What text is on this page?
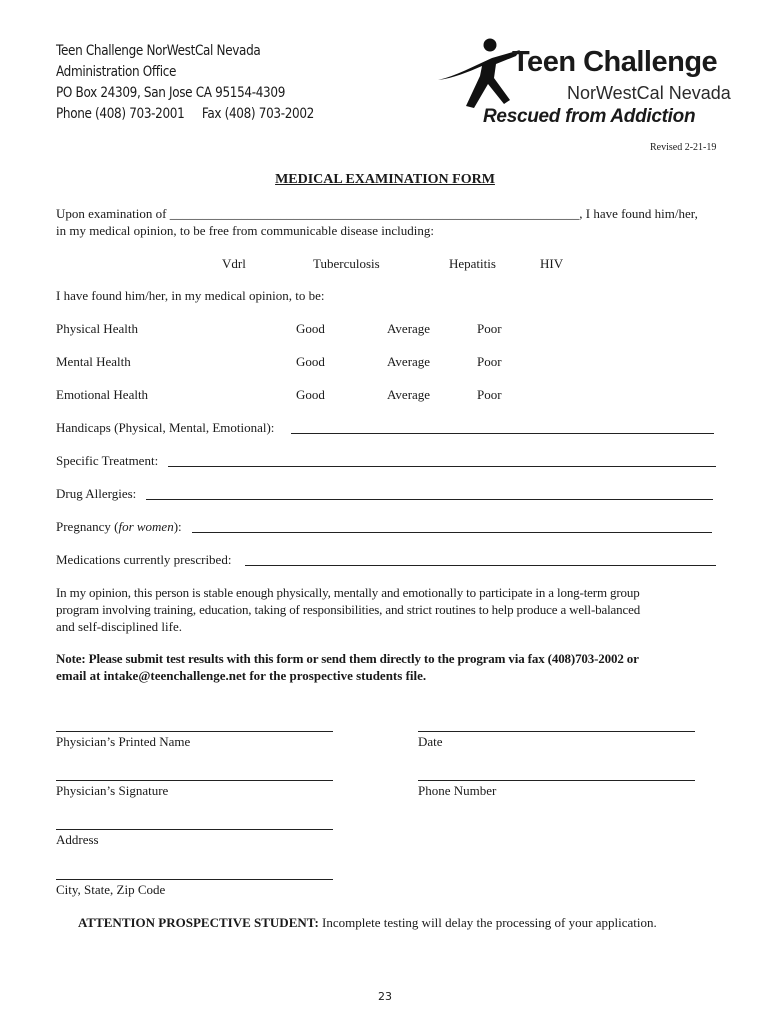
Teen Challenge NorWestCal Nevada
Administration Office
PO Box 24309, San Jose CA 95154-4309
Phone (408) 703-2001 Fax (408) 703-2002
Teen Challenge
NorWestCal Nevada
Rescued from Addiction
Revised 2-21-19
MEDICAL EXAMINATION FORM
Upon examination of _______________________________________________________________, I have found him/her,
in my medical opinion, to be free from communicable disease including:
Vdrl	Tuberculosis	Hepatitis	HIV
I have found him/her, in my medical opinion, to be:
Physical Health	Good	Average	Poor
Mental Health	Good	Average	Poor
Emotional Health	Good	Average	Poor
Handicaps (Physical, Mental, Emotional):
Specific Treatment:
Drug Allergies:
Pregnancy (for women):
Medications currently prescribed:
In my opinion, this person is stable enough physically, mentally and emotionally to participate in a long-term group
program involving training, education, taking of responsibilities, and strict routines to help produce a well-balanced
and self-disciplined life.
Note: Please submit test results with this form or send them directly to the program via fax (408)703-2002 or
email at intake@teenchallenge.net for the prospective students file.
Physician’s Printed Name	Date
Physician’s Signature	Phone Number
Address
City, State, Zip Code
ATTENTION PROSPECTIVE STUDENT: Incomplete testing will delay the processing of your application.
23
